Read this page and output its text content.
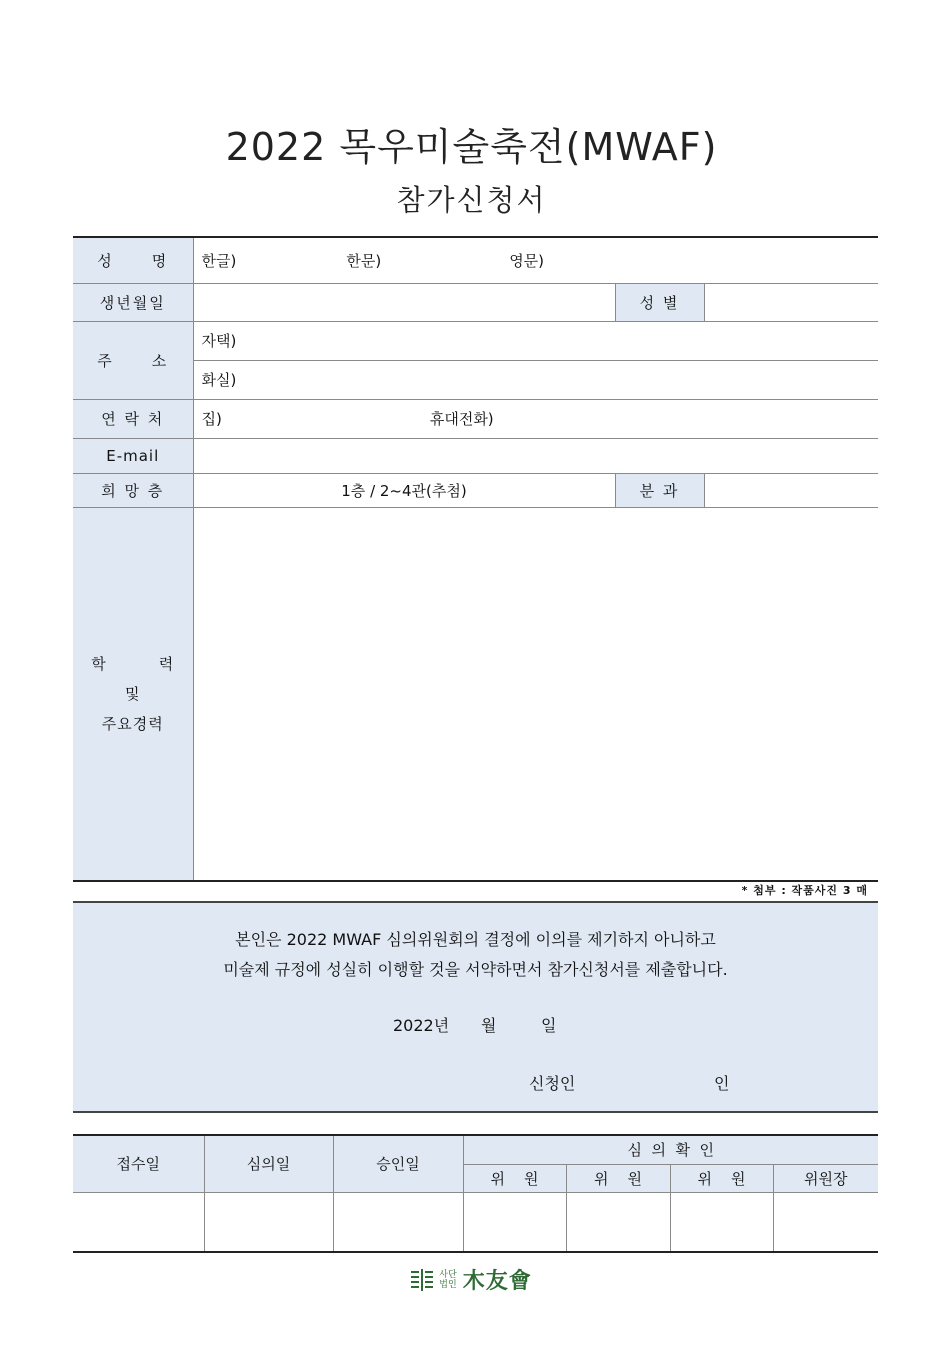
2022 목우미술축전(MWAF)
참가신청서
성 명	한글) 한문) 영문)		
생년월일		성 별	
주 소	자택)		
	화실)		
연 락 처	집) 휴대전화)		
E-mail			
희 망 층	1층 / 2~4관(추첨)	분 과	

학         력
및
주요경력			

* 첨부 : 작품사진 3 매
본인은 2022 MWAF 심의위원회의 결정에 이의를 제기하지 아니하고
미술제 규정에 성실히 이행할 것을 서약하면서 참가신청서를 제출합니다.
2022년 월	일
신청인	인
접수일	심의일	승인일	심  의  확  인			
			위    원	위    원	위    원	위원장

사단
법인 木友會
